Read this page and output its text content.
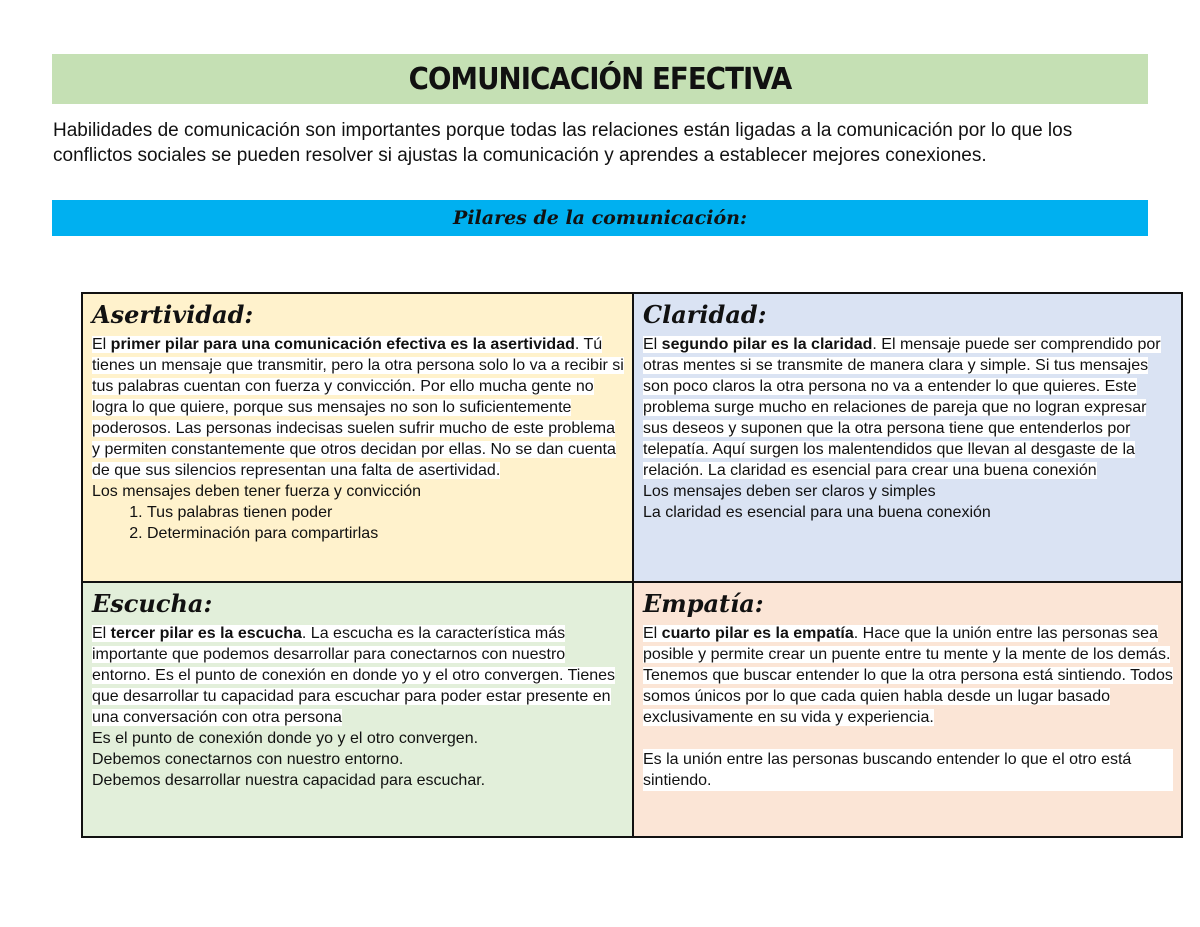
COMUNICACIÓN EFECTIVA

Habilidades de comunicación son importantes porque todas las relaciones están ligadas a la comunicación por lo que los conflictos sociales se pueden resolver si ajustas la comunicación y aprendes a establecer mejores conexiones.

Pilares de la comunicación:
Asertividad:

El primer pilar para una comunicación efectiva es la asertividad. Tú tienes un mensaje que transmitir, pero la otra persona solo lo va a recibir si tus palabras cuentan con fuerza y convicción. Por ello mucha gente no logra lo que quiere, porque sus mensajes no son lo suficientemente poderosos. Las personas indecisas suelen sufrir mucho de este problema y permiten constantemente que otros decidan por ellas. No se dan cuenta de que sus silencios representan una falta de asertividad.

Los mensajes deben tener fuerza y convicción
1. Tus palabras tienen poder
2. Determinación para compartirlas
Claridad:

El segundo pilar es la claridad. El mensaje puede ser comprendido por otras mentes si se transmite de manera clara y simple. Si tus mensajes son poco claros la otra persona no va a entender lo que quieres. Este problema surge mucho en relaciones de pareja que no logran expresar sus deseos y suponen que la otra persona tiene que entenderlos por telepatía. Aquí surgen los malentendidos que llevan al desgaste de la relación. La claridad es esencial para crear una buena conexión

Los mensajes deben ser claros y simples
La claridad es esencial para una buena conexión
Escucha:

El tercer pilar es la escucha. La escucha es la característica más importante que podemos desarrollar para conectarnos con nuestro entorno. Es el punto de conexión en donde yo y el otro convergen. Tienes que desarrollar tu capacidad para escuchar para poder estar presente en una conversación con otra persona

Es el punto de conexión donde yo y el otro convergen.
Debemos conectarnos con nuestro entorno.
Debemos desarrollar nuestra capacidad para escuchar.
Empatía:

El cuarto pilar es la empatía. Hace que la unión entre las personas sea posible y permite crear un puente entre tu mente y la mente de los demás. Tenemos que buscar entender lo que la otra persona está sintiendo. Todos somos únicos por lo que cada quien habla desde un lugar basado exclusivamente en su vida y experiencia.

Es la unión entre las personas buscando entender lo que el otro está sintiendo.
